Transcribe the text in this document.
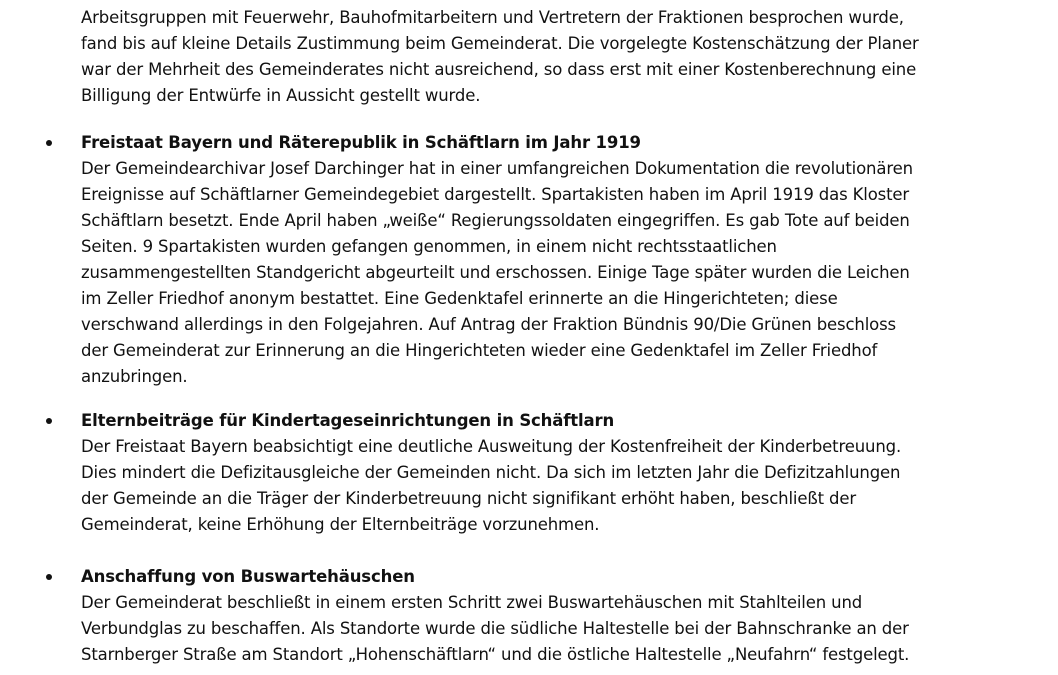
Arbeitsgruppen mit Feuerwehr, Bauhofmitarbeitern und Vertretern der Fraktionen besprochen wurde,
fand bis auf kleine Details Zustimmung beim Gemeinderat. Die vorgelegte Kostenschätzung der Planer
war der Mehrheit des Gemeinderates nicht ausreichend, so dass erst mit einer Kostenberechnung eine
Billigung der Entwürfe in Aussicht gestellt wurde.
Freistaat Bayern und Räterepublik in Schäftlarn im Jahr 1919
Der Gemeindearchivar Josef Darchinger hat in einer umfangreichen Dokumentation die revolutionären
Ereignisse auf Schäftlarner Gemeindegebiet dargestellt. Spartakisten haben im April 1919 das Kloster
Schäftlarn besetzt. Ende April haben „weiße“ Regierungssoldaten eingegriffen. Es gab Tote auf beiden
Seiten. 9 Spartakisten wurden gefangen genommen, in einem nicht rechtsstaatlichen
zusammengestellten Standgericht abgeurteilt und erschossen. Einige Tage später wurden die Leichen
im Zeller Friedhof anonym bestattet. Eine Gedenktafel erinnerte an die Hingerichteten; diese
verschwand allerdings in den Folgejahren. Auf Antrag der Fraktion Bündnis 90/Die Grünen beschloss
der Gemeinderat zur Erinnerung an die Hingerichteten wieder eine Gedenktafel im Zeller Friedhof
anzubringen.
Elternbeiträge für Kindertageseinrichtungen in Schäftlarn
Der Freistaat Bayern beabsichtigt eine deutliche Ausweitung der Kostenfreiheit der Kinderbetreuung.
Dies mindert die Defizitausgleiche der Gemeinden nicht. Da sich im letzten Jahr die Defizitzahlungen
der Gemeinde an die Träger der Kinderbetreuung nicht signifikant erhöht haben, beschließt der
Gemeinderat, keine Erhöhung der Elternbeiträge vorzunehmen.
Anschaffung von Buswartehäuschen
Der Gemeinderat beschließt in einem ersten Schritt zwei Buswartehäuschen mit Stahlteilen und
Verbundglas zu beschaffen. Als Standorte wurde die südliche Haltestelle bei der Bahnschranke an der
Starnberger Straße am Standort „Hohenschäftlarn“ und die östliche Haltestelle „Neufahrn“ festgelegt.
